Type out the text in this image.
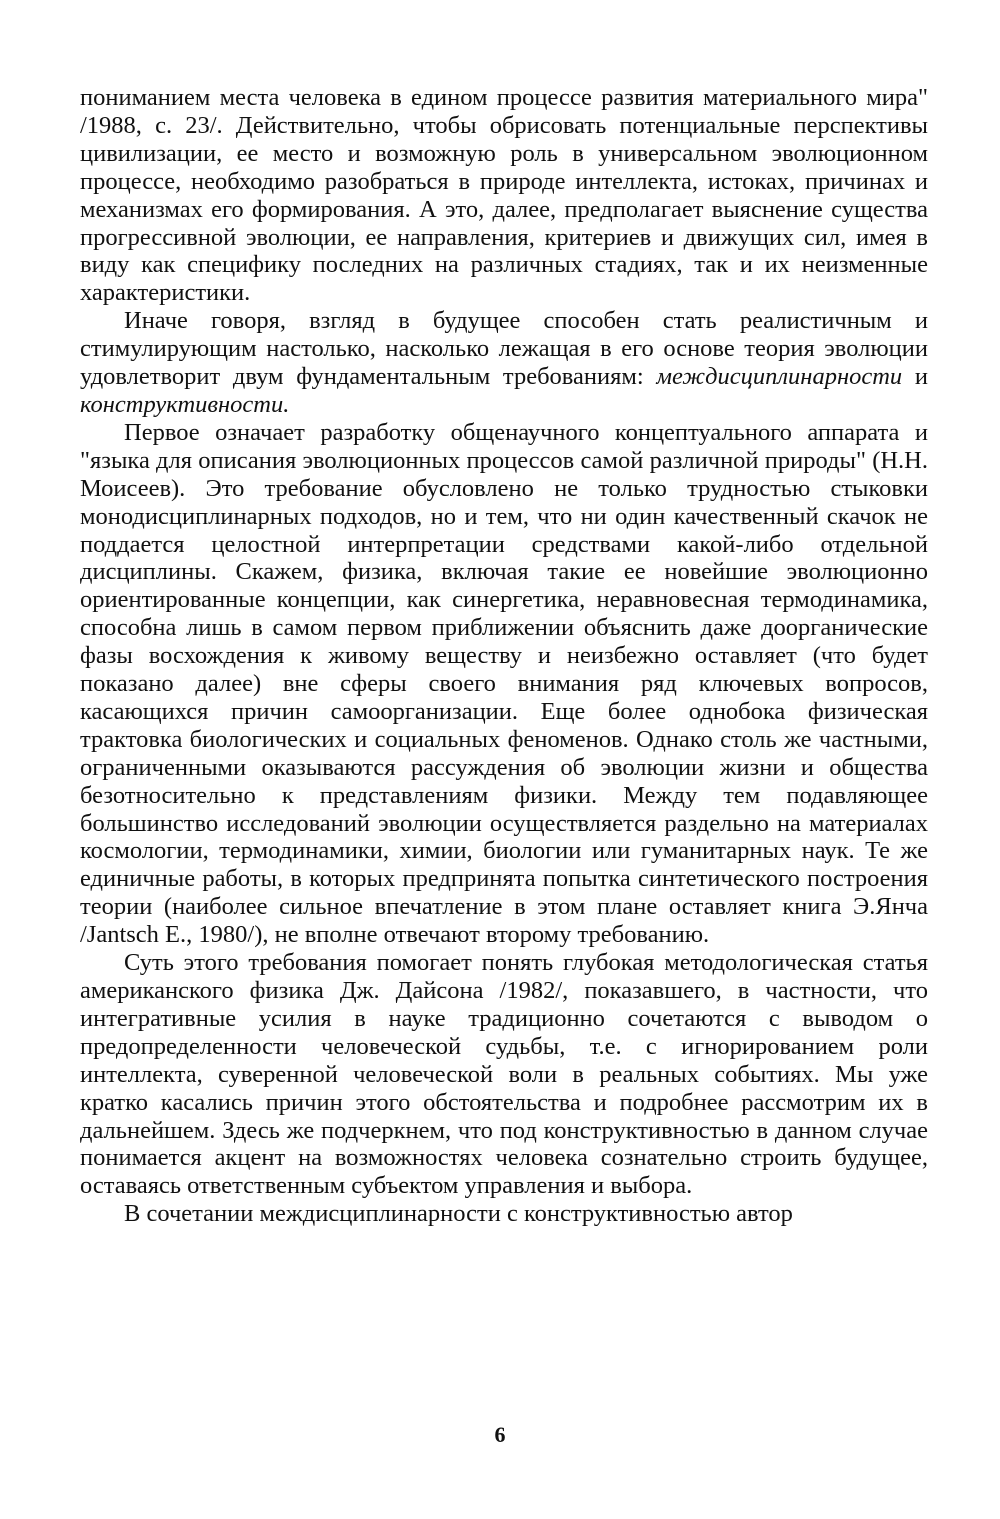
пониманием места человека в едином процессе развития материального мира" /1988, с. 23/. Действительно, чтобы обрисовать потенциальные перспективы цивилизации, ее место и возможную роль в универсальном эволюционном процессе, необходимо разобраться в природе интеллекта, истоках, причинах и механизмах его формирования. А это, далее, предполагает выяснение существа прогрессивной эволюции, ее направления, критериев и движущих сил, имея в виду как специфику последних на различных стадиях, так и их неизменные характеристики.

Иначе говоря, взгляд в будущее способен стать реалистичным и стимулирующим настолько, насколько лежащая в его основе теория эволюции удовлетворит двум фундаментальным требованиям: междисциплинарности и конструктивности.

Первое означает разработку общенаучного концептуального аппарата и "языка для описания эволюционных процессов самой различной природы" (Н.Н. Моисеев). Это требование обусловлено не только трудностью стыковки монодисциплинарных подходов, но и тем, что ни один качественный скачок не поддается целостной интерпретации средствами какой-либо отдельной дисциплины. Скажем, физика, включая такие ее новейшие эволюционно ориентированные концепции, как синергетика, неравновесная термодинамика, способна лишь в самом первом приближении объяснить даже доорганические фазы восхождения к живому веществу и неизбежно оставляет (что будет показано далее) вне сферы своего внимания ряд ключевых вопросов, касающихся причин самоорганизации. Еще более однобока физическая трактовка биологических и социальных феноменов. Однако столь же частными, ограниченными оказываются рассуждения об эволюции жизни и общества безотносительно к представлениям физики. Между тем подавляющее большинство исследований эволюции осуществляется раздельно на материалах космологии, термодинамики, химии, биологии или гуманитарных наук. Те же единичные работы, в которых предпринята попытка синтетического построения теории (наиболее сильное впечатление в этом плане оставляет книга Э.Янча /Jantsch E., 1980/), не вполне отвечают второму требованию.

Суть этого требования помогает понять глубокая методологическая статья американского физика Дж. Дайсона /1982/, показавшего, в частности, что интегративные усилия в науке традиционно сочетаются с выводом о предопределенности человеческой судьбы, т.е. с игнорированием роли интеллекта, суверенной человеческой воли в реальных событиях. Мы уже кратко касались причин этого обстоятельства и подробнее рассмотрим их в дальнейшем. Здесь же подчеркнем, что под конструктивностью в данном случае понимается акцент на возможностях человека сознательно строить будущее, оставаясь ответственным субъектом управления и выбора.

В сочетании междисциплинарности с конструктивностью автор

6
